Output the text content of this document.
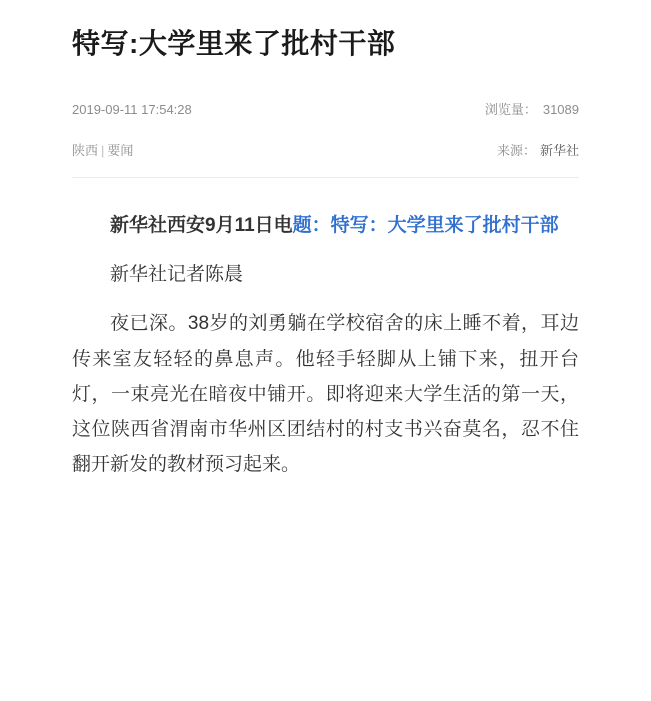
特写:大学里来了批村干部
2019-09-11 17:54:28	浏览量： 31089
陕西 | 要闻	来源： 新华社

新华社西安9月11日电题：特写：大学里来了批村干部

新华社记者陈晨

夜已深。38岁的刘勇躺在学校宿舍的床上睡不着，耳边传来室友轻轻的鼻息声。他轻手轻脚从上铺下来，扭开台灯，一束亮光在暗夜中铺开。即将迎来大学生活的第一天，这位陕西省渭南市华州区团结村的村支书兴奋莫名，忍不住翻开新发的教材预习起来。
